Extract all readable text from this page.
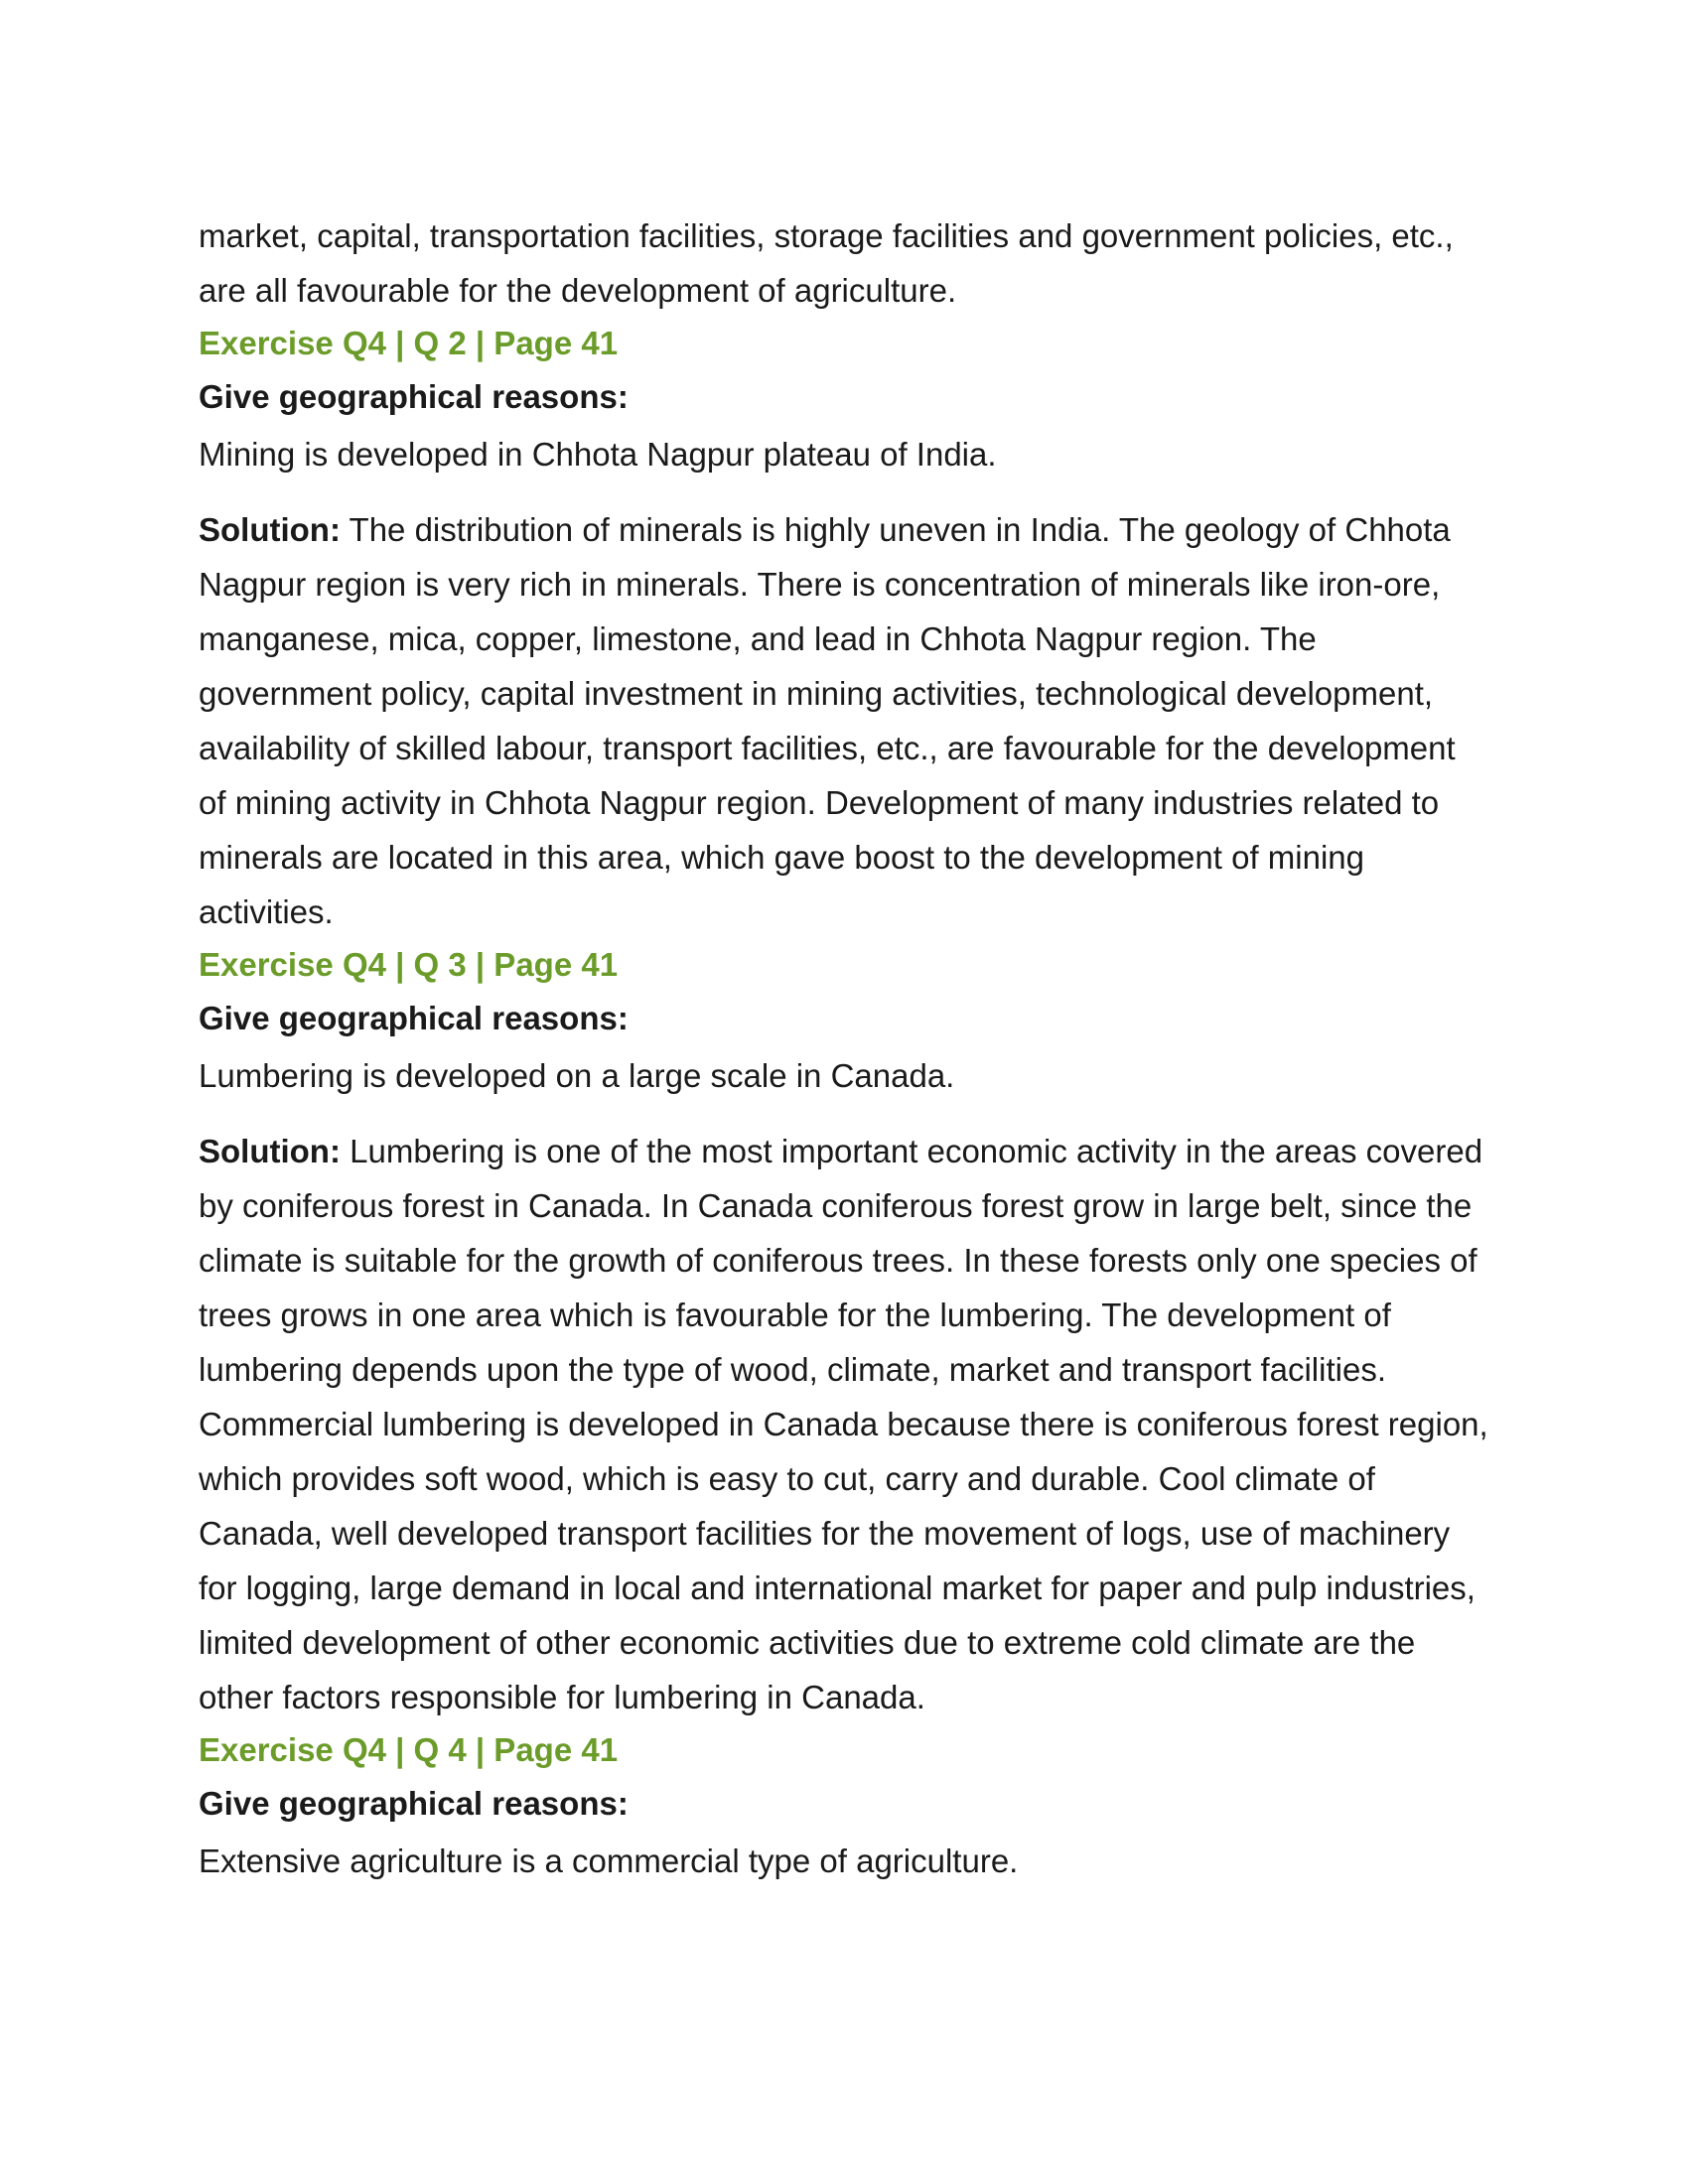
market, capital, transportation facilities, storage facilities and government policies, etc., are all favourable for the development of agriculture.

Exercise Q4 | Q 2 | Page 41
Give geographical reasons:
Mining is developed in Chhota Nagpur plateau of India.

Solution: The distribution of minerals is highly uneven in India. The geology of Chhota Nagpur region is very rich in minerals. There is concentration of minerals like iron-ore, manganese, mica, copper, limestone, and lead in Chhota Nagpur region. The government policy, capital investment in mining activities, technological development, availability of skilled labour, transport facilities, etc., are favourable for the development of mining activity in Chhota Nagpur region. Development of many industries related to minerals are located in this area, which gave boost to the development of mining activities.

Exercise Q4 | Q 3 | Page 41
Give geographical reasons:
Lumbering is developed on a large scale in Canada.

Solution: Lumbering is one of the most important economic activity in the areas covered by coniferous forest in Canada. In Canada coniferous forest grow in large belt, since the climate is suitable for the growth of coniferous trees. In these forests only one species of trees grows in one area which is favourable for the lumbering. The development of lumbering depends upon the type of wood, climate, market and transport facilities. Commercial lumbering is developed in Canada because there is coniferous forest region, which provides soft wood, which is easy to cut, carry and durable. Cool climate of Canada, well developed transport facilities for the movement of logs, use of machinery for logging, large demand in local and international market for paper and pulp industries, limited development of other economic activities due to extreme cold climate are the other factors responsible for lumbering in Canada.

Exercise Q4 | Q 4 | Page 41
Give geographical reasons:
Extensive agriculture is a commercial type of agriculture.
